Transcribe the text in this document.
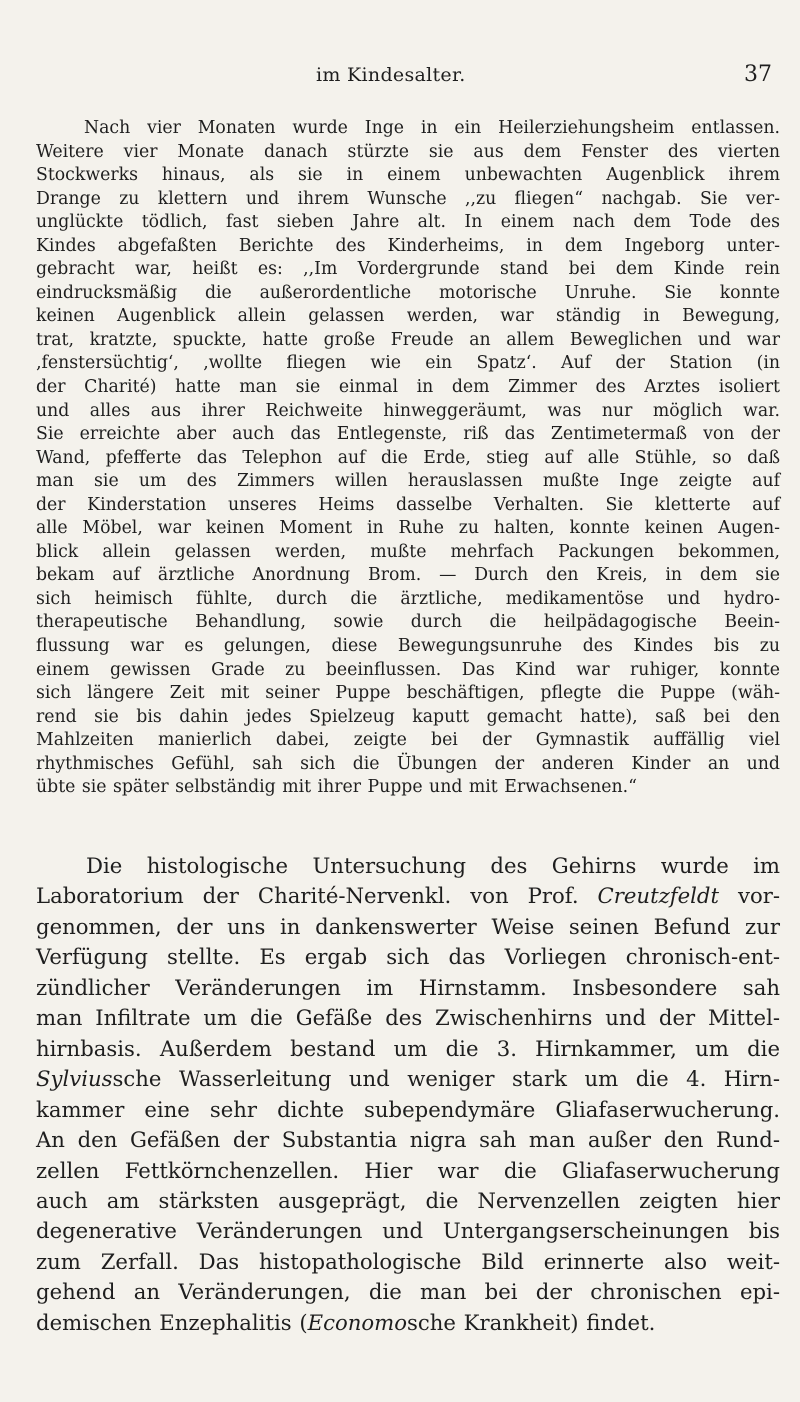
im Kindesalter.	37
Nach vier Monaten wurde Inge in ein Heilerziehungsheim entlassen.
Weitere vier Monate danach stürzte sie aus dem Fenster des vierten
Stockwerks hinaus, als sie in einem unbewachten Augenblick ihrem
Drange zu klettern und ihrem Wunsche ,,zu fliegen“ nachgab. Sie ver-
unglückte tödlich, fast sieben Jahre alt. In einem nach dem Tode des
Kindes abgefaßten Berichte des Kinderheims, in dem Ingeborg unter-
gebracht war, heißt es: ,,Im Vordergrunde stand bei dem Kinde rein
eindrucksmäßig die außerordentliche motorische Unruhe. Sie konnte
keinen Augenblick allein gelassen werden, war ständig in Bewegung,
trat, kratzte, spuckte, hatte große Freude an allem Beweglichen und war
‚fenstersüchtig‘, ‚wollte fliegen wie ein Spatz‘. Auf der Station (in
der Charité) hatte man sie einmal in dem Zimmer des Arztes isoliert
und alles aus ihrer Reichweite hinweggeräumt, was nur möglich war.
Sie erreichte aber auch das Entlegenste, riß das Zentimetermaß von der
Wand, pfefferte das Telephon auf die Erde, stieg auf alle Stühle, so daß
man sie um des Zimmers willen herauslassen mußte Inge zeigte auf
der Kinderstation unseres Heims dasselbe Verhalten. Sie kletterte auf
alle Möbel, war keinen Moment in Ruhe zu halten, konnte keinen Augen-
blick allein gelassen werden, mußte mehrfach Packungen bekommen,
bekam auf ärztliche Anordnung Brom. — Durch den Kreis, in dem sie
sich heimisch fühlte, durch die ärztliche, medikamentöse und hydro-
therapeutische Behandlung, sowie durch die heilpädagogische Beein-
flussung war es gelungen, diese Bewegungsunruhe des Kindes bis zu
einem gewissen Grade zu beeinflussen. Das Kind war ruhiger, konnte
sich längere Zeit mit seiner Puppe beschäftigen, pflegte die Puppe (wäh-
rend sie bis dahin jedes Spielzeug kaputt gemacht hatte), saß bei den
Mahlzeiten manierlich dabei, zeigte bei der Gymnastik auffällig viel
rhythmisches Gefühl, sah sich die Übungen der anderen Kinder an und
übte sie später selbständig mit ihrer Puppe und mit Erwachsenen.“
Die histologische Untersuchung des Gehirns wurde im
Laboratorium der Charité-Nervenkl. von Prof. Creutzfeldt vor-
genommen, der uns in dankenswerter Weise seinen Befund zur
Verfügung stellte. Es ergab sich das Vorliegen chronisch-ent-
zündlicher Veränderungen im Hirnstamm. Insbesondere sah
man Infiltrate um die Gefäße des Zwischenhirns und der Mittel-
hirnbasis. Außerdem bestand um die 3. Hirnkammer, um die
Sylviussche Wasserleitung und weniger stark um die 4. Hirn-
kammer eine sehr dichte subependymäre Gliafaserwucherung.
An den Gefäßen der Substantia nigra sah man außer den Rund-
zellen Fettkörnchenzellen. Hier war die Gliafaserwucherung
auch am stärksten ausgeprägt, die Nervenzellen zeigten hier
degenerative Veränderungen und Untergangserscheinungen bis
zum Zerfall. Das histopathologische Bild erinnerte also weit-
gehend an Veränderungen, die man bei der chronischen epi-
demischen Enzephalitis (Economosche Krankheit) findet.
